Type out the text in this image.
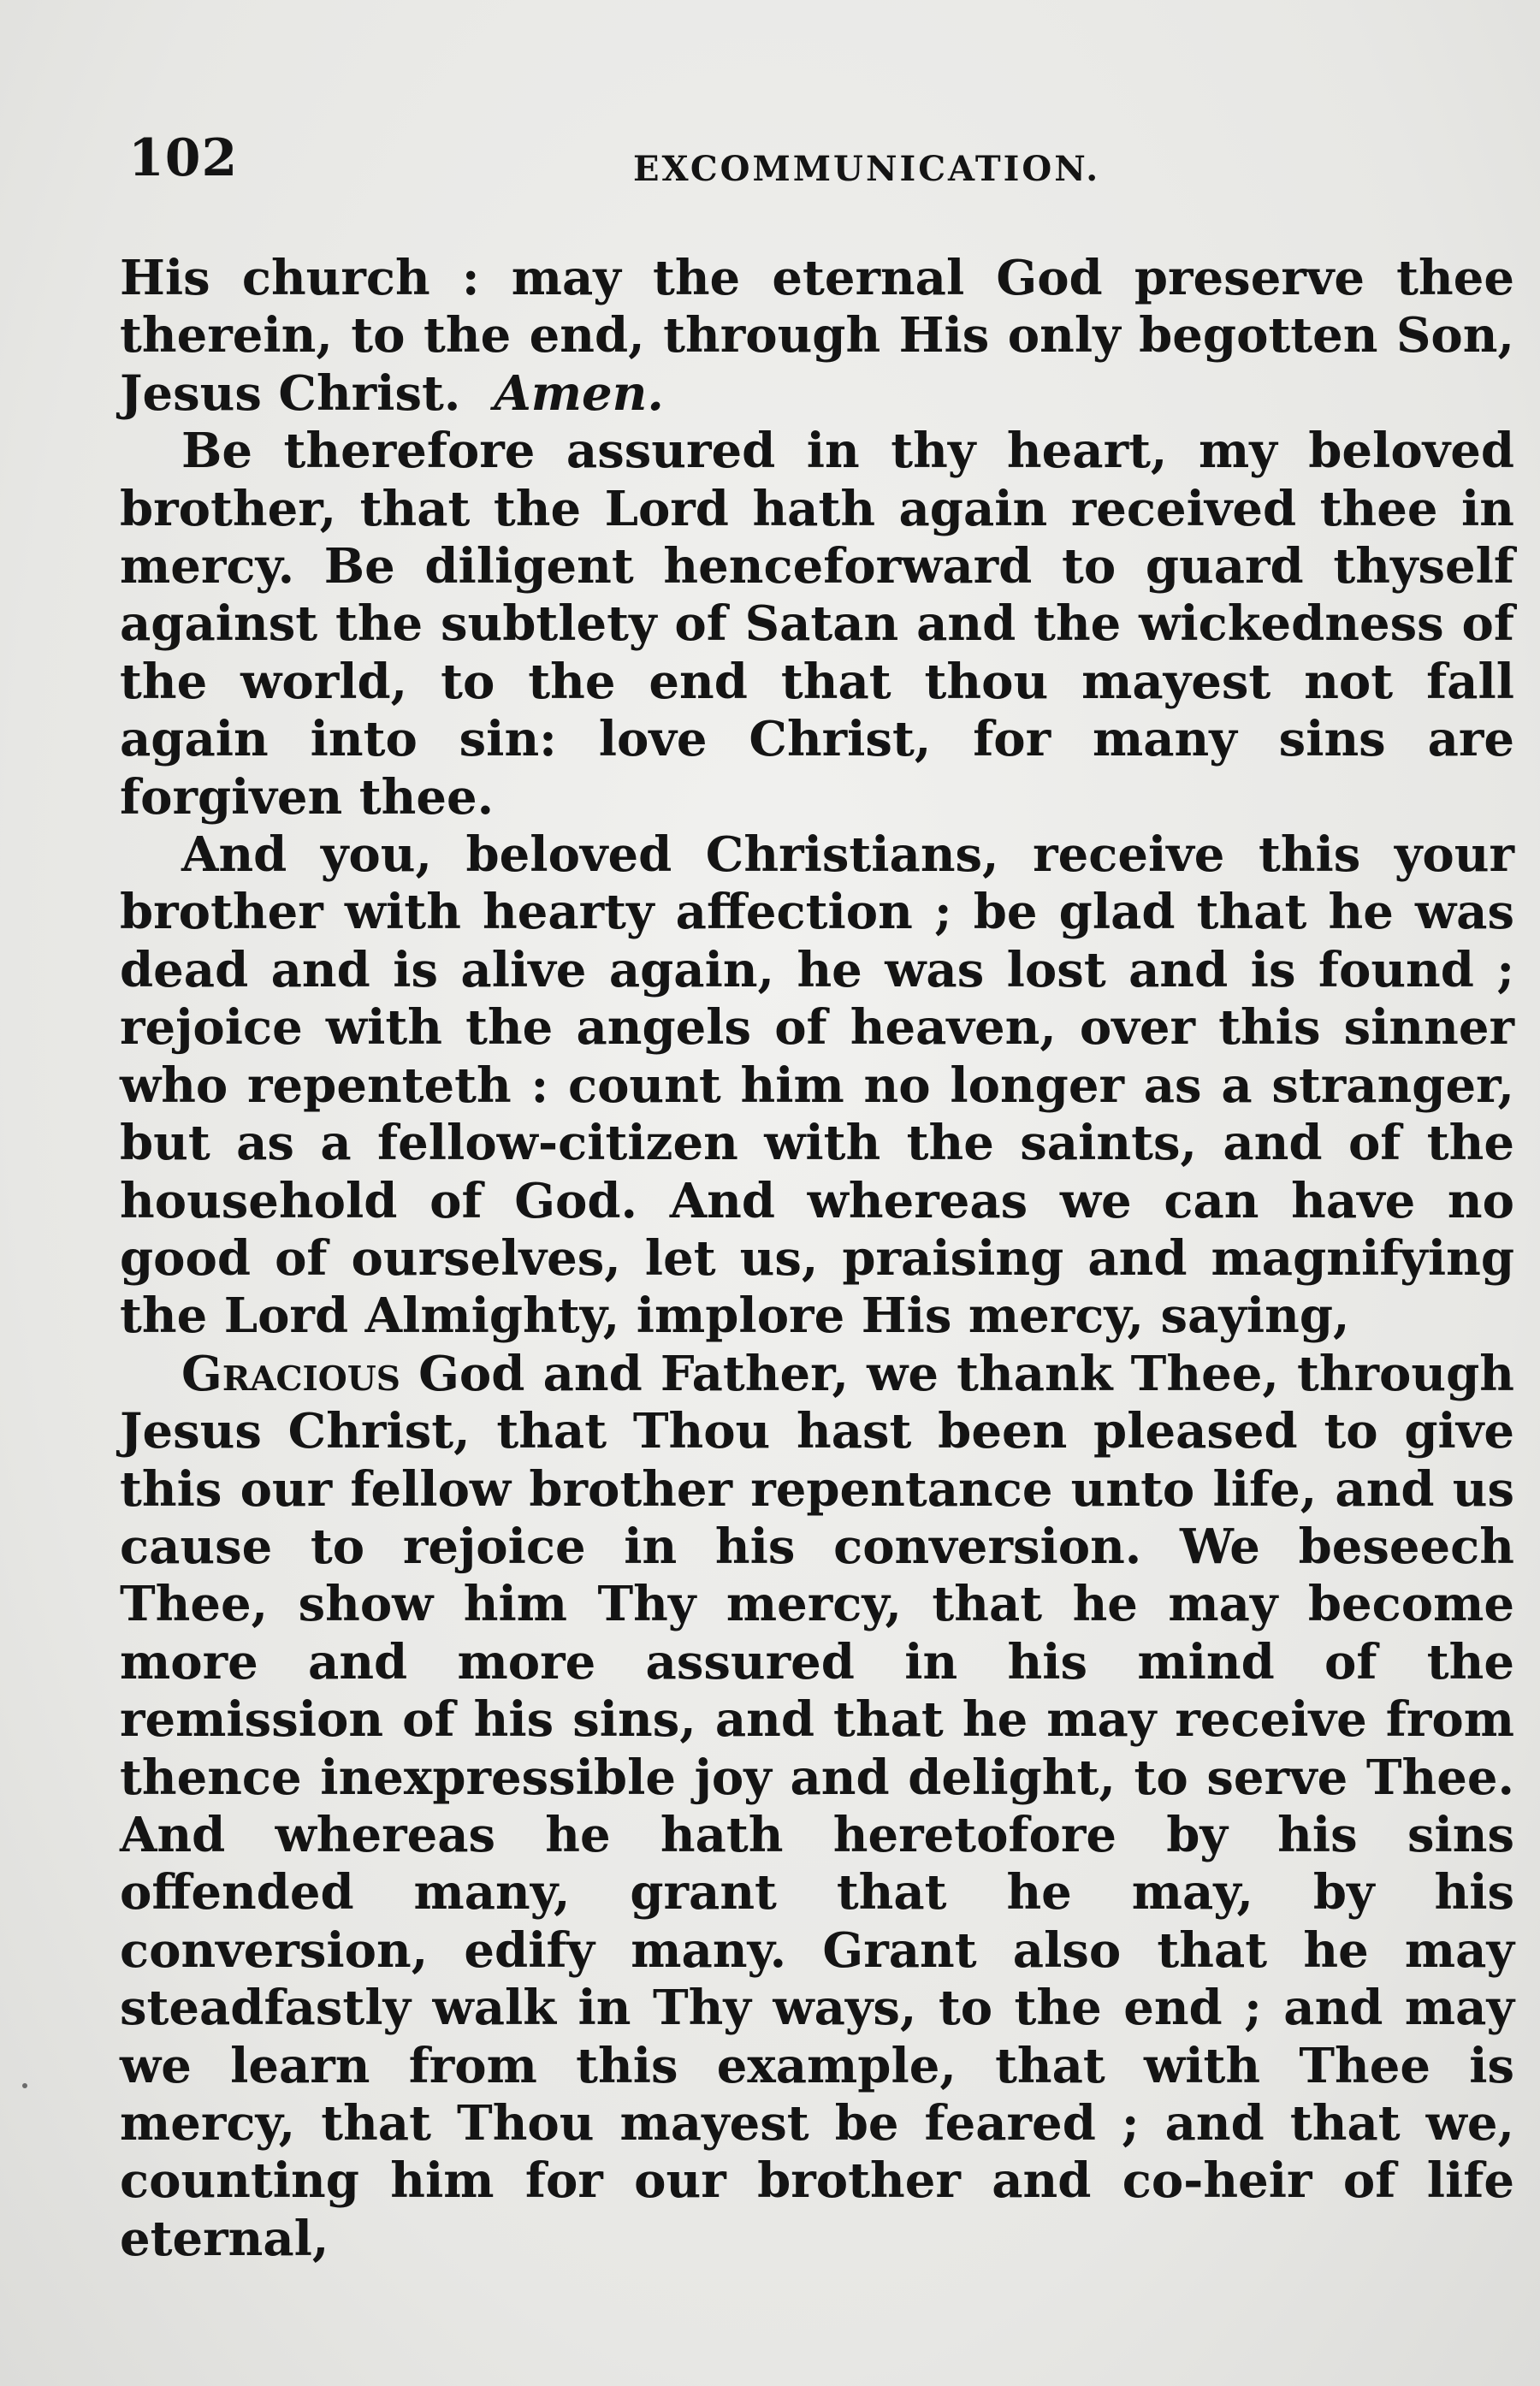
102	EXCOMMUNICATION.

His church : may the eternal God preserve thee therein, to the end, through His only begotten Son, Jesus Christ. Amen.

Be therefore assured in thy heart, my beloved brother, that the Lord hath again received thee in mercy. Be diligent henceforward to guard thyself against the subtlety of Satan and the wickedness of the world, to the end that thou mayest not fall again into sin: love Christ, for many sins are forgiven thee.

And you, beloved Christians, receive this your brother with hearty affection ; be glad that he was dead and is alive again, he was lost and is found ; rejoice with the angels of heaven, over this sinner who repenteth : count him no longer as a stranger, but as a fellow-citizen with the saints, and of the household of God. And whereas we can have no good of ourselves, let us, praising and magnifying the Lord Almighty, implore His mercy, saying,

Gracious God and Father, we thank Thee, through Jesus Christ, that Thou hast been pleased to give this our fellow brother repentance unto life, and us cause to rejoice in his conversion. We beseech Thee, show him Thy mercy, that he may become more and more assured in his mind of the remission of his sins, and that he may receive from thence inexpressible joy and delight, to serve Thee. And whereas he hath heretofore by his sins offended many, grant that he may, by his conversion, edify many. Grant also that he may steadfastly walk in Thy ways, to the end ; and may we learn from this example, that with Thee is mercy, that Thou mayest be feared ; and that we, counting him for our brother and co-heir of life eternal,
